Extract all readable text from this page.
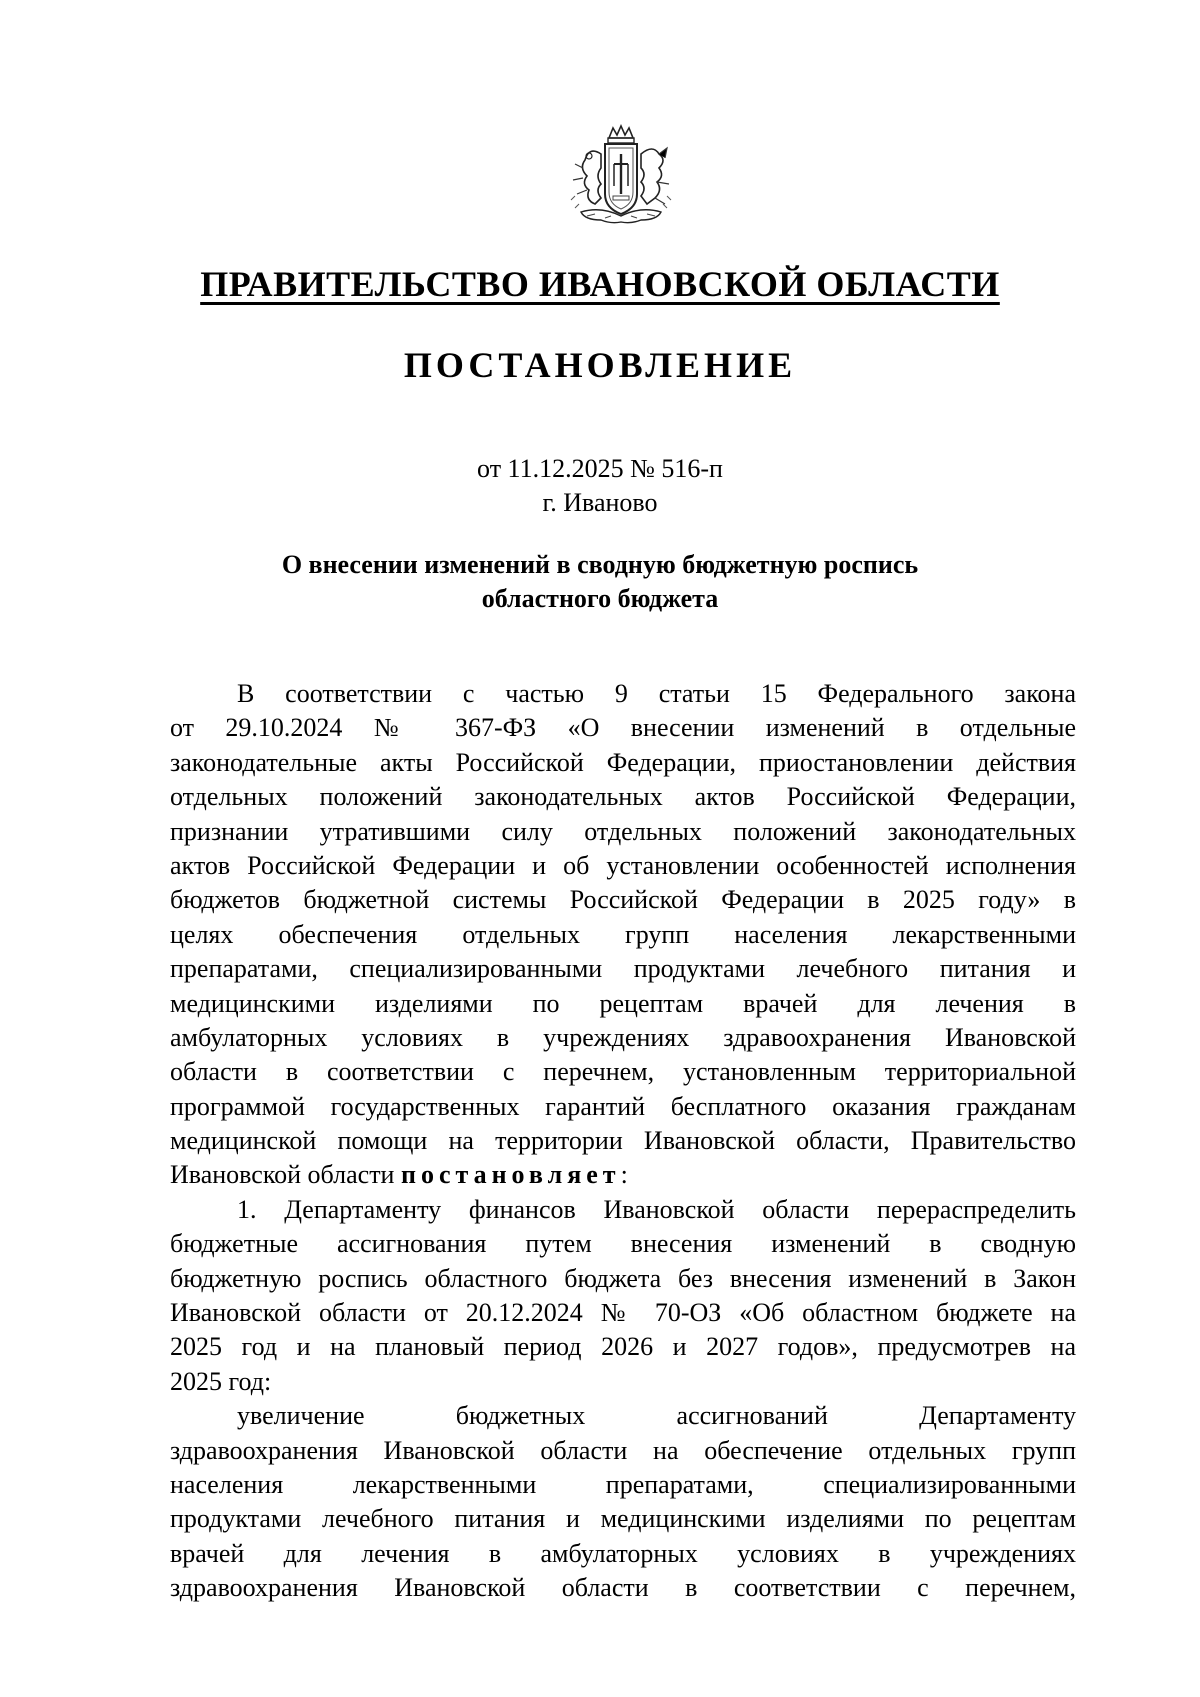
ПРАВИТЕЛЬСТВО ИВАНОВСКОЙ ОБЛАСТИ
ПОСТАНОВЛЕНИЕ
от 11.12.2025 № 516-п
г. Иваново
О внесении изменений в сводную бюджетную роспись
областного бюджета
В соответствии с частью 9 статьи 15 Федерального закона
от 29.10.2024 № 367-ФЗ «О внесении изменений в отдельные
законодательные акты Российской Федерации, приостановлении действия
отдельных положений законодательных актов Российской Федерации,
признании утратившими силу отдельных положений законодательных
актов Российской Федерации и об установлении особенностей исполнения
бюджетов бюджетной системы Российской Федерации в 2025 году» в
целях обеспечения отдельных групп населения лекарственными
препаратами, специализированными продуктами лечебного питания и
медицинскими изделиями по рецептам врачей для лечения в
амбулаторных условиях в учреждениях здравоохранения Ивановской
области в соответствии с перечнем, установленным территориальной
программой государственных гарантий бесплатного оказания гражданам
медицинской помощи на территории Ивановской области, Правительство
Ивановской области постановляет:
1. Департаменту финансов Ивановской области перераспределить
бюджетные ассигнования путем внесения изменений в сводную
бюджетную роспись областного бюджета без внесения изменений в Закон
Ивановской области от 20.12.2024 № 70-ОЗ «Об областном бюджете на
2025 год и на плановый период 2026 и 2027 годов», предусмотрев на
2025 год:
увеличение бюджетных ассигнований Департаменту
здравоохранения Ивановской области на обеспечение отдельных групп
населения лекарственными препаратами, специализированными
продуктами лечебного питания и медицинскими изделиями по рецептам
врачей для лечения в амбулаторных условиях в учреждениях
здравоохранения Ивановской области в соответствии с перечнем,
